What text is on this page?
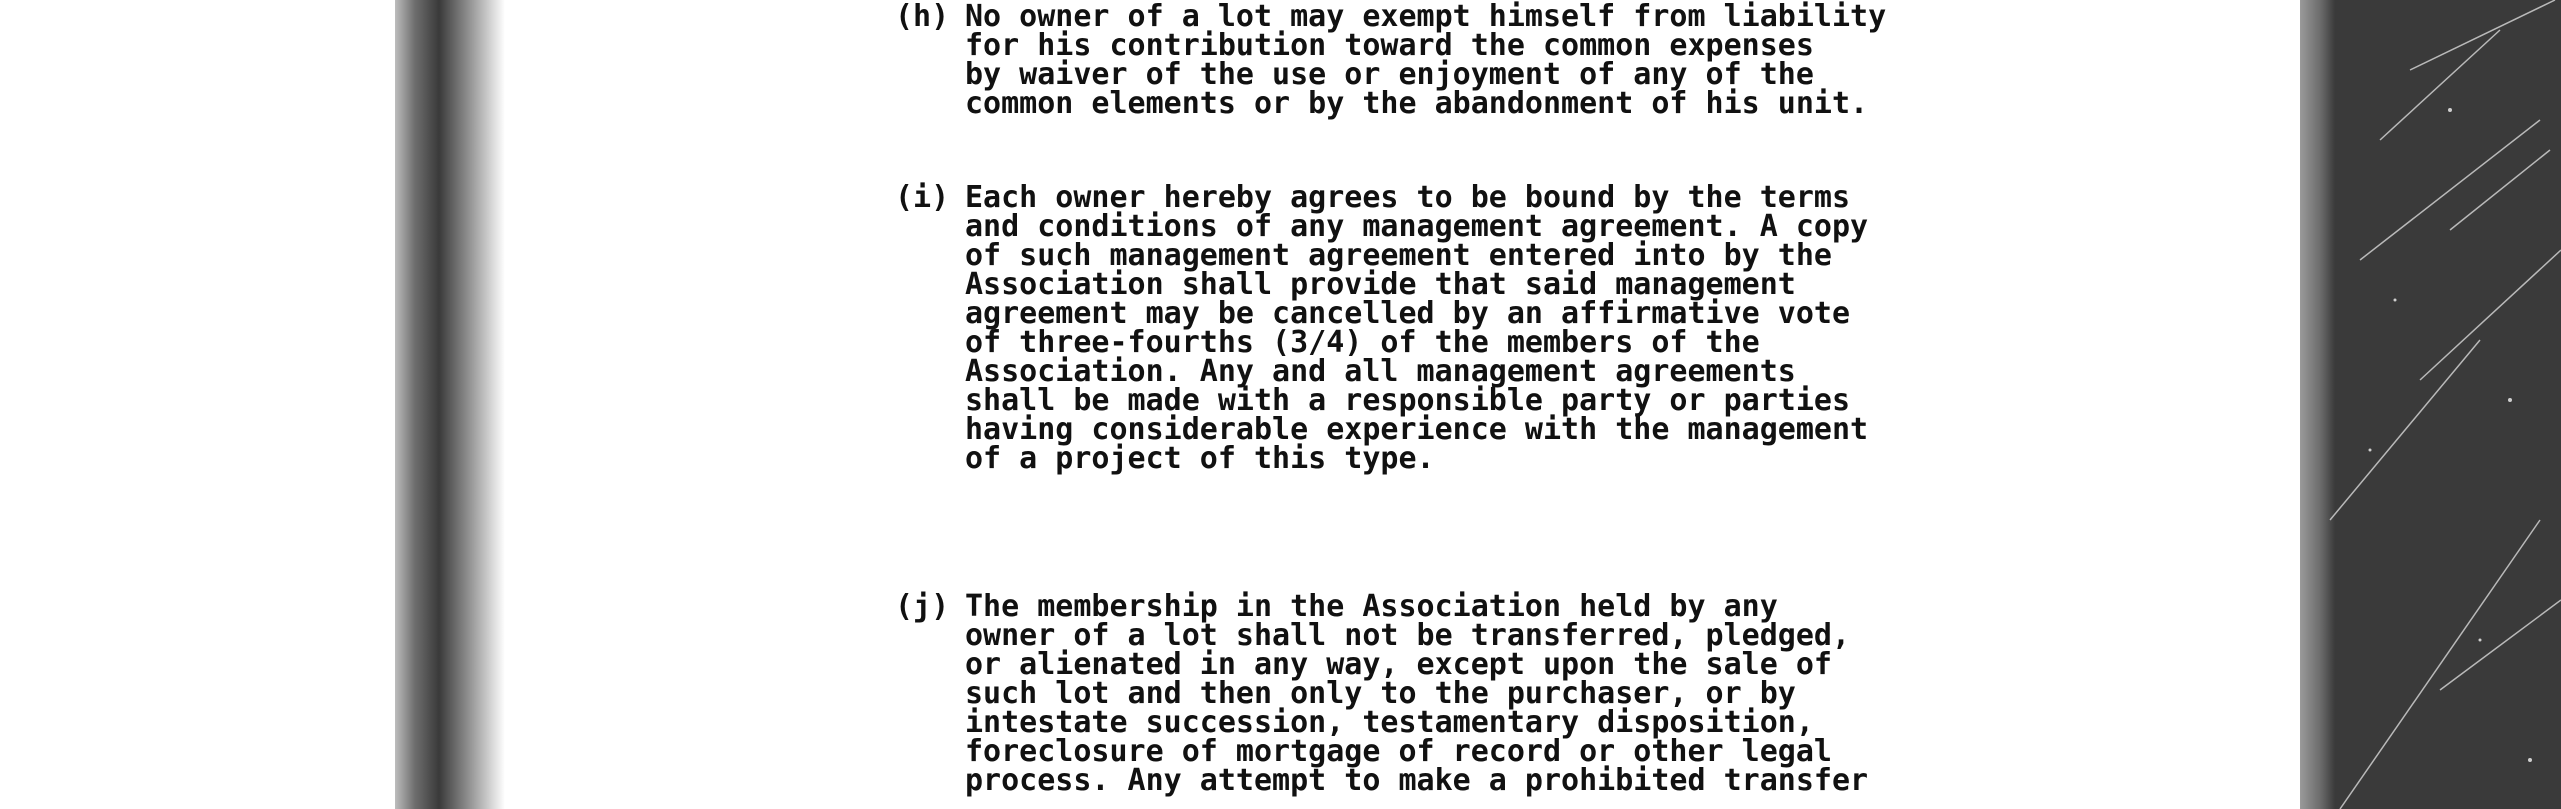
(h) No owner of a lot may exempt himself from liability
for his contribution toward the common expenses
by waiver of the use or enjoyment of any of the
common elements or by the abandonment of his unit.
(i) Each owner hereby agrees to be bound by the terms
and conditions of any management agreement. A copy
of such management agreement entered into by the
Association shall provide that said management
agreement may be cancelled by an affirmative vote
of three-fourths (3/4) of the members of the
Association. Any and all management agreements
shall be made with a responsible party or parties
having considerable experience with the management
of a project of this type.
(j) The membership in the Association held by any
owner of a lot shall not be transferred, pledged,
or alienated in any way, except upon the sale of
such lot and then only to the purchaser, or by
intestate succession, testamentary disposition,
foreclosure of mortgage of record or other legal
process. Any attempt to make a prohibited transfer
